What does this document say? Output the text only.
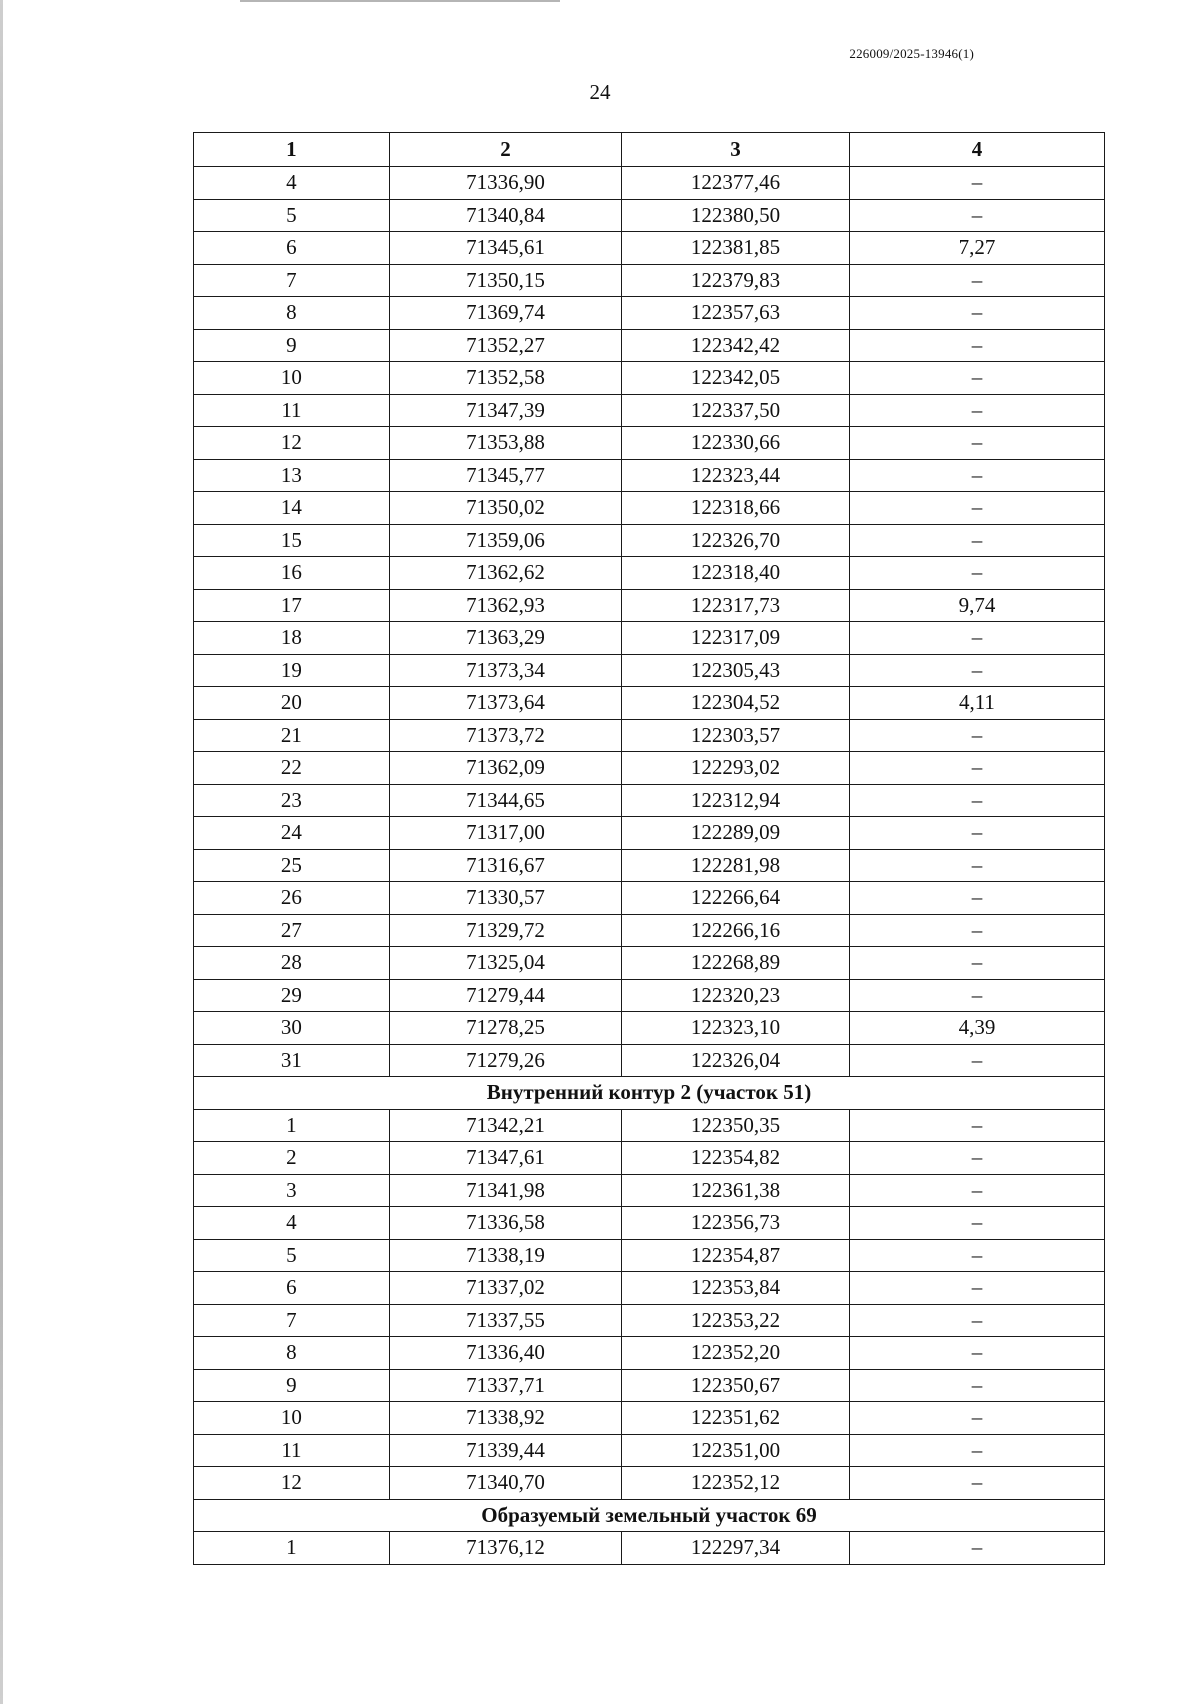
226009/2025-13946(1)
24
1	2	3	4
4	71336,90	122377,46	–
5	71340,84	122380,50	–
6	71345,61	122381,85	7,27
7	71350,15	122379,83	–
8	71369,74	122357,63	–
9	71352,27	122342,42	–
10	71352,58	122342,05	–
11	71347,39	122337,50	–
12	71353,88	122330,66	–
13	71345,77	122323,44	–
14	71350,02	122318,66	–
15	71359,06	122326,70	–
16	71362,62	122318,40	–
17	71362,93	122317,73	9,74
18	71363,29	122317,09	–
19	71373,34	122305,43	–
20	71373,64	122304,52	4,11
21	71373,72	122303,57	–
22	71362,09	122293,02	–
23	71344,65	122312,94	–
24	71317,00	122289,09	–
25	71316,67	122281,98	–
26	71330,57	122266,64	–
27	71329,72	122266,16	–
28	71325,04	122268,89	–
29	71279,44	122320,23	–
30	71278,25	122323,10	4,39
31	71279,26	122326,04	–
Внутренний контур 2 (участок 51)			
1	71342,21	122350,35	–
2	71347,61	122354,82	–
3	71341,98	122361,38	–
4	71336,58	122356,73	–
5	71338,19	122354,87	–
6	71337,02	122353,84	–
7	71337,55	122353,22	–
8	71336,40	122352,20	–
9	71337,71	122350,67	–
10	71338,92	122351,62	–
11	71339,44	122351,00	–
12	71340,70	122352,12	–
Образуемый земельный участок 69			
1	71376,12	122297,34	–
